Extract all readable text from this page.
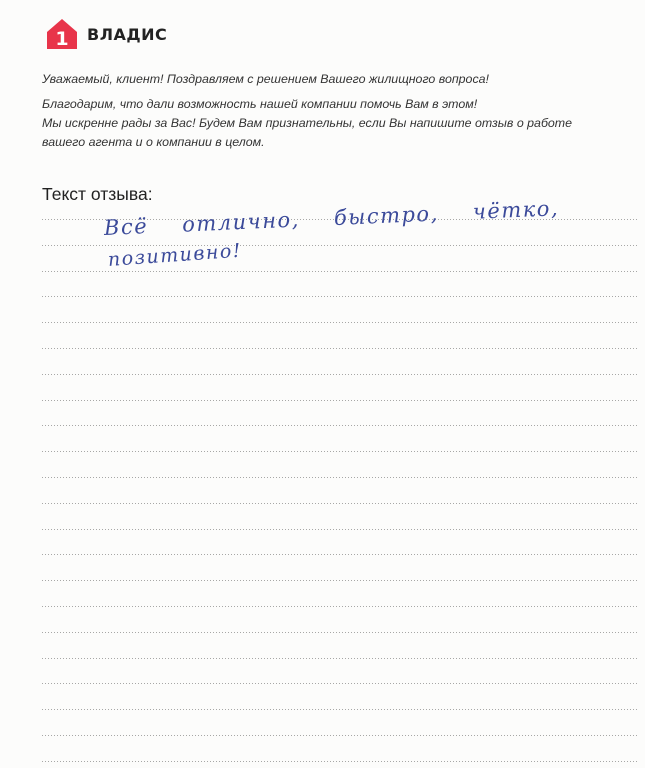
1 ВЛАДИС

Уважаемый, клиент! Поздравляем с решением Вашего жилищного вопроса!

Благодарим, что дали возможность нашей компании помочь Вам в этом!
Мы искренне рады за Вас! Будем Вам признательны, если Вы напишите отзыв о работе
вашего агента и о компании в целом.

Текст отзыва:
Всё отлично, быстро, чётко,
позитивно!
